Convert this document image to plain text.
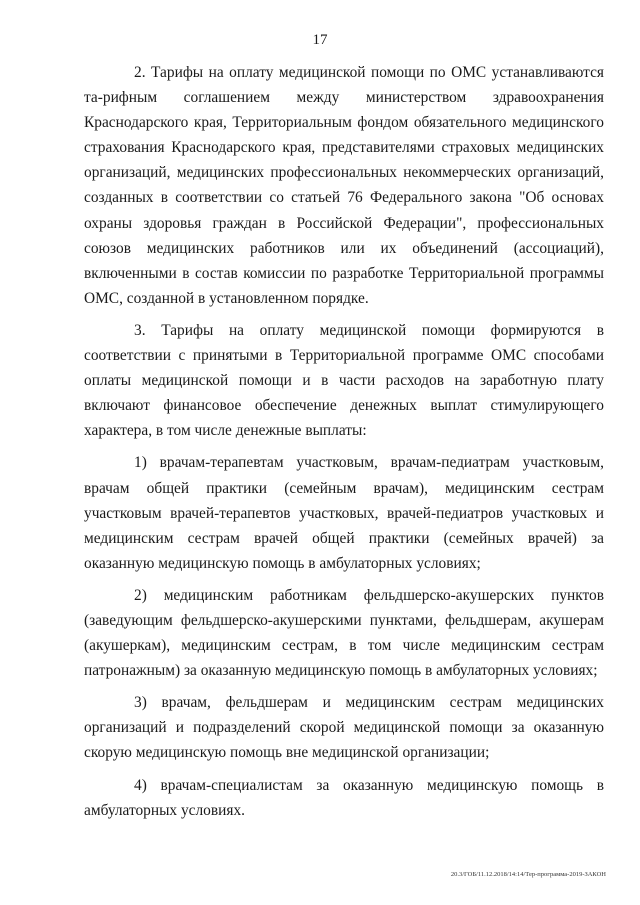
17

2. Тарифы на оплату медицинской помощи по ОМС устанавливаются та-рифным соглашением между министерством здравоохранения Краснодарского края, Территориальным фондом обязательного медицинского страхования Краснодарского края, представителями страховых медицинских организаций, медицинских профессиональных некоммерческих организаций, созданных в соответствии со статьей 76 Федерального закона "Об основах охраны здоровья граждан в Российской Федерации", профессиональных союзов медицинских работников или их объединений (ассоциаций), включенными в состав комиссии по разработке Территориальной программы ОМС, созданной в установленном порядке.

3. Тарифы на оплату медицинской помощи формируются в соответствии с принятыми в Территориальной программе ОМС способами оплаты медицинской помощи и в части расходов на заработную плату включают финансовое обеспечение денежных выплат стимулирующего характера, в том числе денежные выплаты:

1) врачам-терапевтам участковым, врачам-педиатрам участковым, врачам общей практики (семейным врачам), медицинским сестрам участковым врачей-терапевтов участковых, врачей-педиатров участковых и медицинским сестрам врачей общей практики (семейных врачей) за оказанную медицинскую помощь в амбулаторных условиях;

2) медицинским работникам фельдшерско-акушерских пунктов (заведующим фельдшерско-акушерскими пунктами, фельдшерам, акушерам (акушеркам), медицинским сестрам, в том числе медицинским сестрам патронажным) за оказанную медицинскую помощь в амбулаторных условиях;

3) врачам, фельдшерам и медицинским сестрам медицинских организаций и подразделений скорой медицинской помощи за оказанную скорую медицинскую помощь вне медицинской организации;

4) врачам-специалистам за оказанную медицинскую помощь в амбулаторных условиях.

20.3/ГОБ/11.12.2018/14:14/Тер-программа-2019-ЗАКОН
